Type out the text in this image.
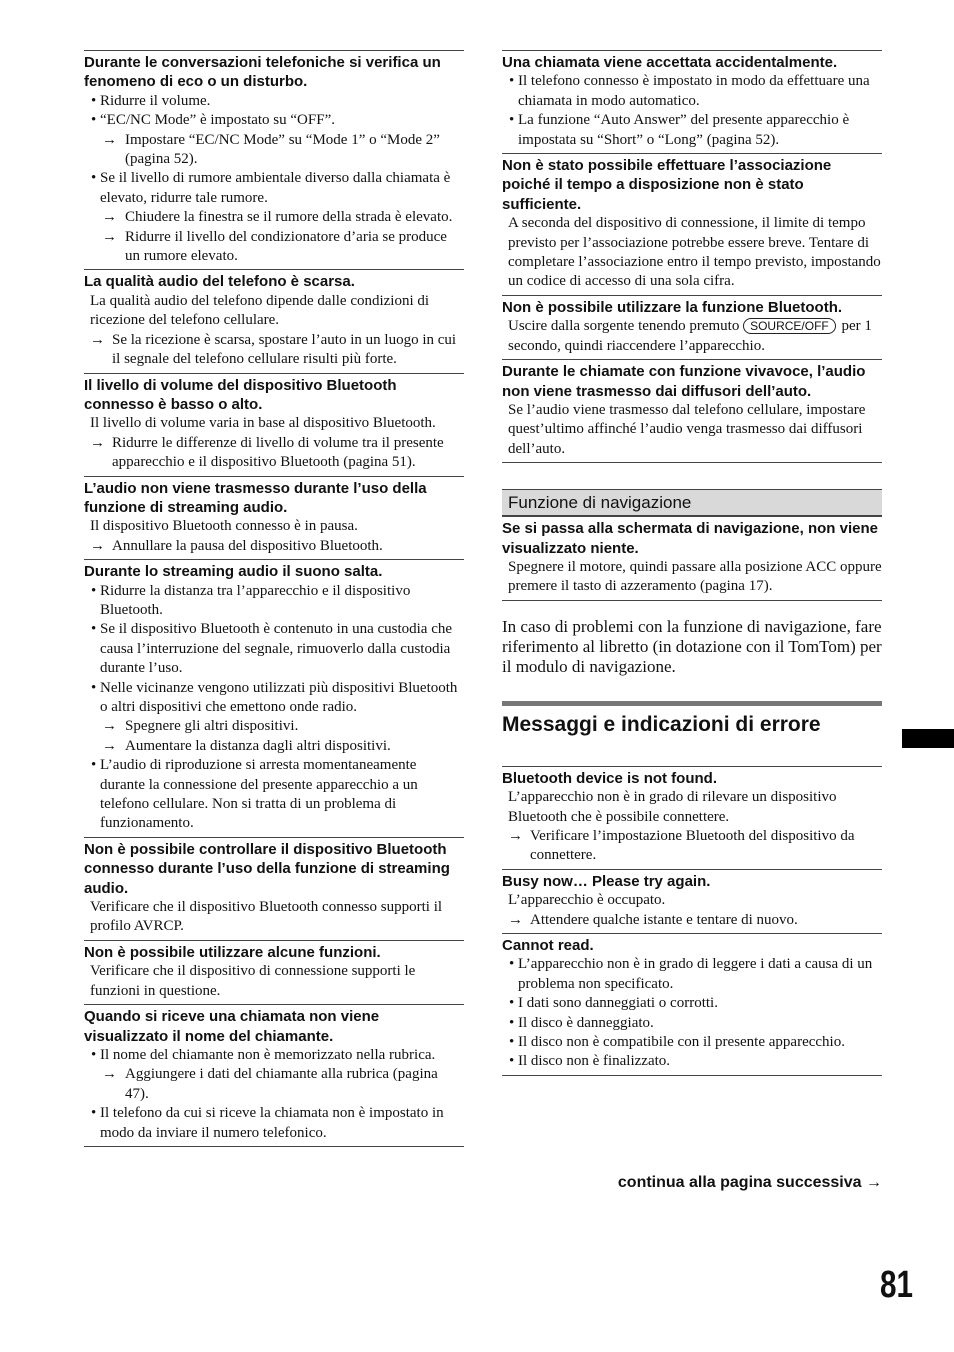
Durante le conversazioni telefoniche si verifica un fenomeno di eco o un disturbo.

• Ridurre il volume.

• “EC/NC Mode” è impostato su “OFF”.

→ Impostare “EC/NC Mode” su “Mode 1” o “Mode 2” (pagina 52).

• Se il livello di rumore ambientale diverso dalla chiamata è elevato, ridurre tale rumore.

→ Chiudere la finestra se il rumore della strada è elevato.

→ Ridurre il livello del condizionatore d’aria se produce un rumore elevato.

La qualità audio del telefono è scarsa.

La qualità audio del telefono dipende dalle condizioni di ricezione del telefono cellulare.

→ Se la ricezione è scarsa, spostare l’auto in un luogo in cui il segnale del telefono cellulare risulti più forte.

Il livello di volume del dispositivo Bluetooth connesso è basso o alto.

Il livello di volume varia in base al dispositivo Bluetooth.

→ Ridurre le differenze di livello di volume tra il presente apparecchio e il dispositivo Bluetooth (pagina 51).

L’audio non viene trasmesso durante l’uso della funzione di streaming audio.

Il dispositivo Bluetooth connesso è in pausa.

→ Annullare la pausa del dispositivo Bluetooth.

Durante lo streaming audio il suono salta.

• Ridurre la distanza tra l’apparecchio e il dispositivo Bluetooth.

• Se il dispositivo Bluetooth è contenuto in una custodia che causa l’interruzione del segnale, rimuoverlo dalla custodia durante l’uso.

• Nelle vicinanze vengono utilizzati più dispositivi Bluetooth o altri dispositivi che emettono onde radio.

→ Spegnere gli altri dispositivi.

→ Aumentare la distanza dagli altri dispositivi.

• L’audio di riproduzione si arresta momentaneamente durante la connessione del presente apparecchio a un telefono cellulare. Non si tratta di un problema di funzionamento.

Non è possibile controllare il dispositivo Bluetooth connesso durante l’uso della funzione di streaming audio.

Verificare che il dispositivo Bluetooth connesso supporti il profilo AVRCP.

Non è possibile utilizzare alcune funzioni.

Verificare che il dispositivo di connessione supporti le funzioni in questione.

Quando si riceve una chiamata non viene visualizzato il nome del chiamante.

• Il nome del chiamante non è memorizzato nella rubrica.

→ Aggiungere i dati del chiamante alla rubrica (pagina 47).

• Il telefono da cui si riceve la chiamata non è impostato in modo da inviare il numero telefonico.

Una chiamata viene accettata accidentalmente.

• Il telefono connesso è impostato in modo da effettuare una chiamata in modo automatico.

• La funzione “Auto Answer” del presente apparecchio è impostata su “Short” o “Long” (pagina 52).

Non è stato possibile effettuare l’associazione poiché il tempo a disposizione non è stato sufficiente.

A seconda del dispositivo di connessione, il limite di tempo previsto per l’associazione potrebbe essere breve. Tentare di completare l’associazione entro il tempo previsto, impostando un codice di accesso di una sola cifra.

Non è possibile utilizzare la funzione Bluetooth.

Uscire dalla sorgente tenendo premuto SOURCE/OFF per 1 secondo, quindi riaccendere l’apparecchio.

Durante le chiamate con funzione vivavoce, l’audio non viene trasmesso dai diffusori dell’auto.

Se l’audio viene trasmesso dal telefono cellulare, impostare quest’ultimo affinché l’audio venga trasmesso dai diffusori dell’auto.

Funzione di navigazione
Se si passa alla schermata di navigazione, non viene visualizzato niente.

Spegnere il motore, quindi passare alla posizione ACC oppure premere il tasto di azzeramento (pagina 17).

In caso di problemi con la funzione di navigazione, fare riferimento al libretto (in dotazione con il TomTom) per il modulo di navigazione.

Messaggi e indicazioni di errore
Bluetooth device is not found.

L’apparecchio non è in grado di rilevare un dispositivo Bluetooth che è possibile connettere.

→ Verificare l’impostazione Bluetooth del dispositivo da connettere.

Busy now… Please try again.

L’apparecchio è occupato.

→ Attendere qualche istante e tentare di nuovo.

Cannot read.

• L’apparecchio non è in grado di leggere i dati a causa di un problema non specificato.

• I dati sono danneggiati o corrotti.

• Il disco è danneggiato.

• Il disco non è compatibile con il presente apparecchio.

• Il disco non è finalizzato.

continua alla pagina successiva →
81
